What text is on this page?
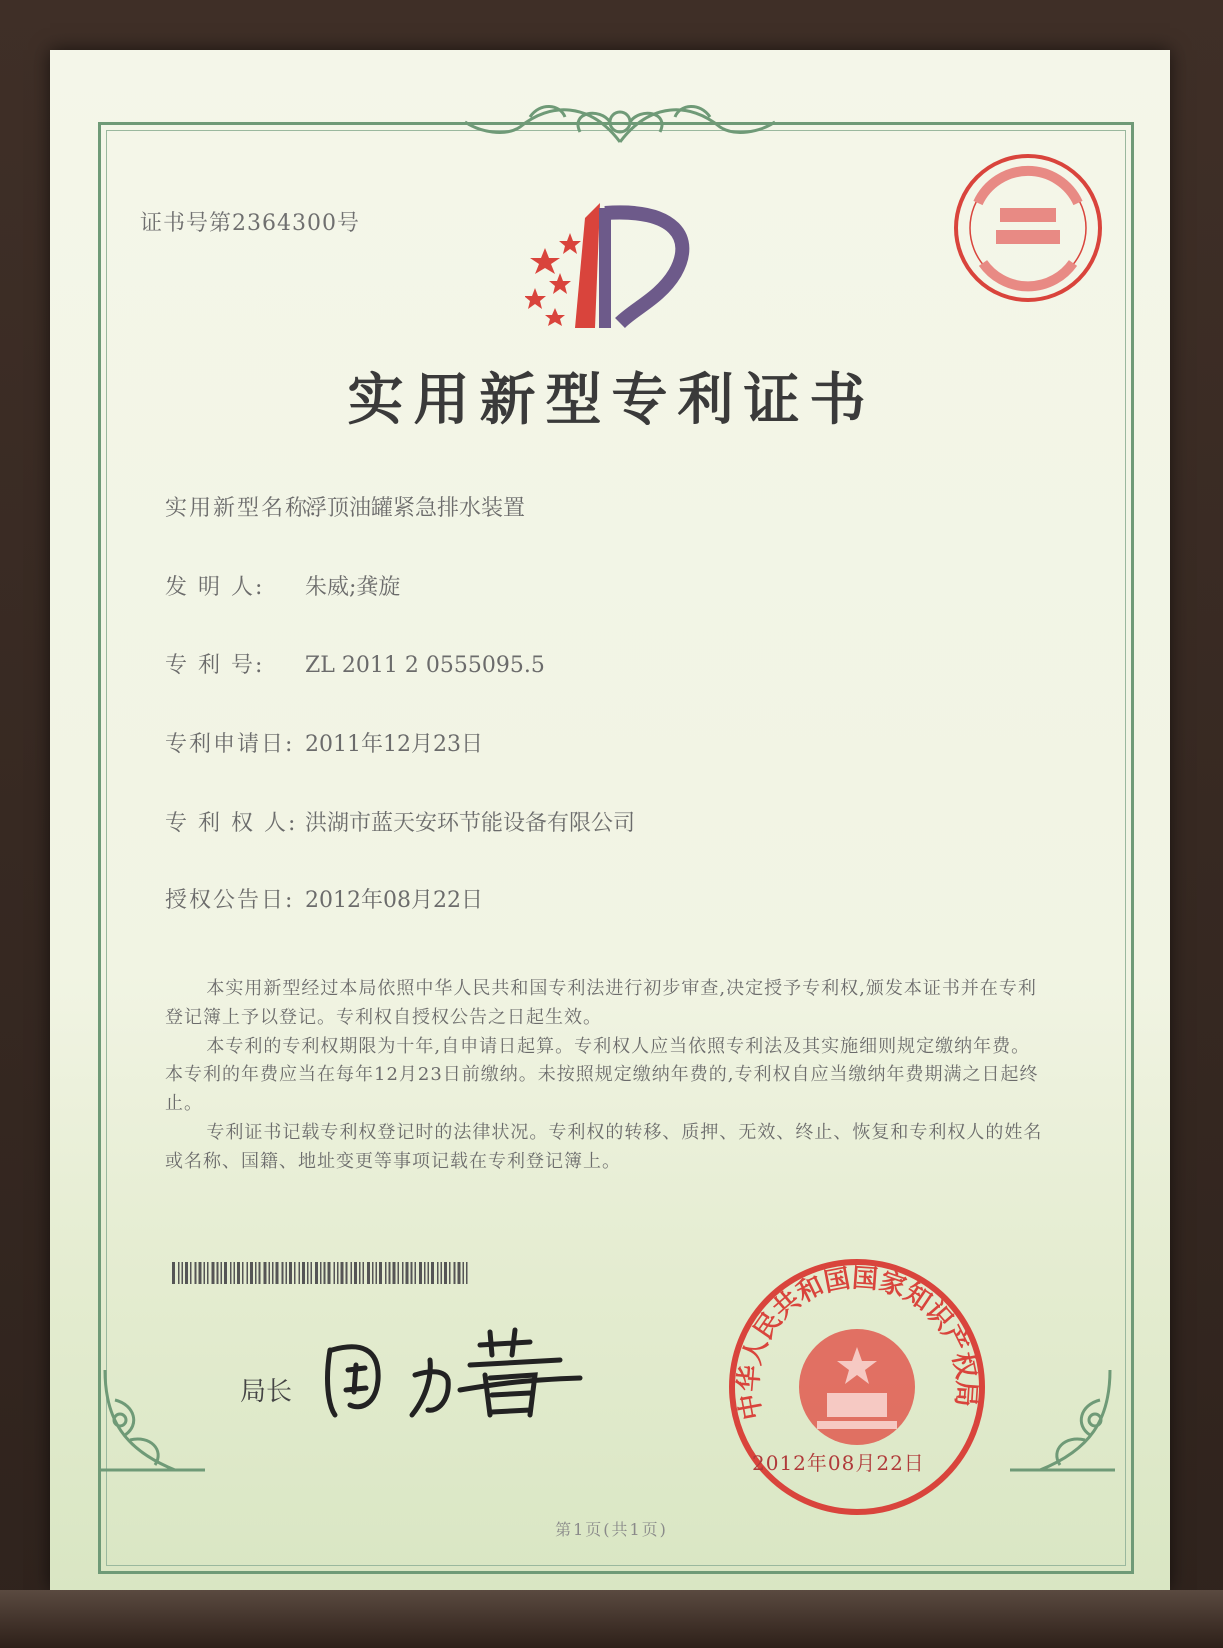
证书号第2364300号
实用新型专利证书
实用新型名称:浮顶油罐紧急排水装置
发 明 人: 朱威;龚旋
专 利 号: ZL 2011 2 0555095.5
专利申请日: 2011年12月23日
专 利 权 人: 洪湖市蓝天安环节能设备有限公司
授权公告日: 2012年08月22日

本实用新型经过本局依照中华人民共和国专利法进行初步审查,决定授予专利权,颁发本证书并在专利登记簿上予以登记。专利权自授权公告之日起生效。

本专利的专利权期限为十年,自申请日起算。专利权人应当依照专利法及其实施细则规定缴纳年费。本专利的年费应当在每年12月23日前缴纳。未按照规定缴纳年费的,专利权自应当缴纳年费期满之日起终止。

专利证书记载专利权登记时的法律状况。专利权的转移、质押、无效、终止、恢复和专利权人的姓名或名称、国籍、地址变更等事项记载在专利登记簿上。

局长	中华人民共和国国家知识产权局
2012年08月22日
第1页(共1页)
